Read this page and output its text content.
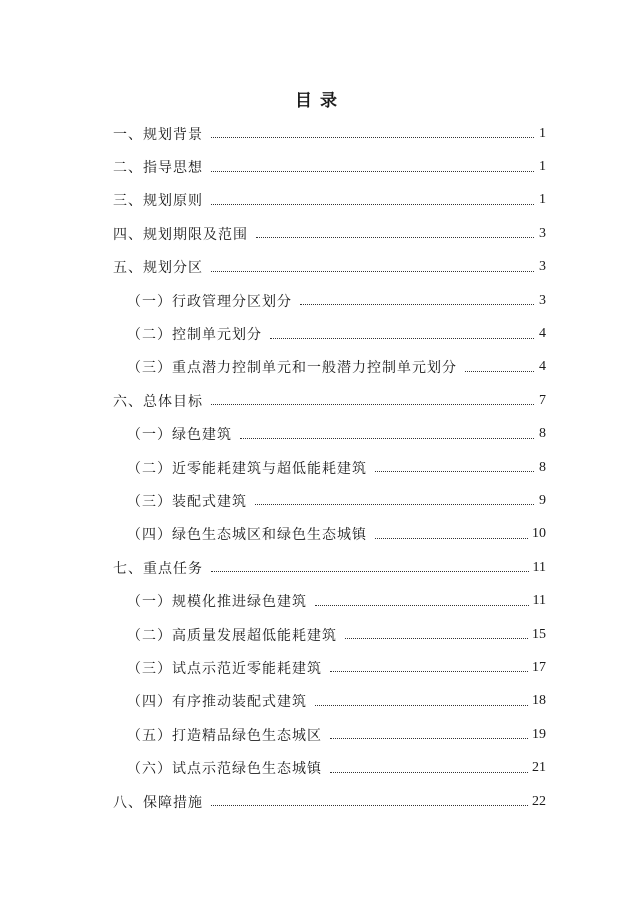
目录
一、规划背景	1
二、指导思想	1
三、规划原则	1
四、规划期限及范围	3
五、规划分区	3
（一）行政管理分区划分	3
（二）控制单元划分	4
（三）重点潜力控制单元和一般潜力控制单元划分	4
六、总体目标	7
（一）绿色建筑	8
（二）近零能耗建筑与超低能耗建筑	8
（三）装配式建筑	9
（四）绿色生态城区和绿色生态城镇	10
七、重点任务	11
（一）规模化推进绿色建筑	11
（二）高质量发展超低能耗建筑	15
（三）试点示范近零能耗建筑	17
（四）有序推动装配式建筑	18
（五）打造精品绿色生态城区	19
（六）试点示范绿色生态城镇	21
八、保障措施	22
